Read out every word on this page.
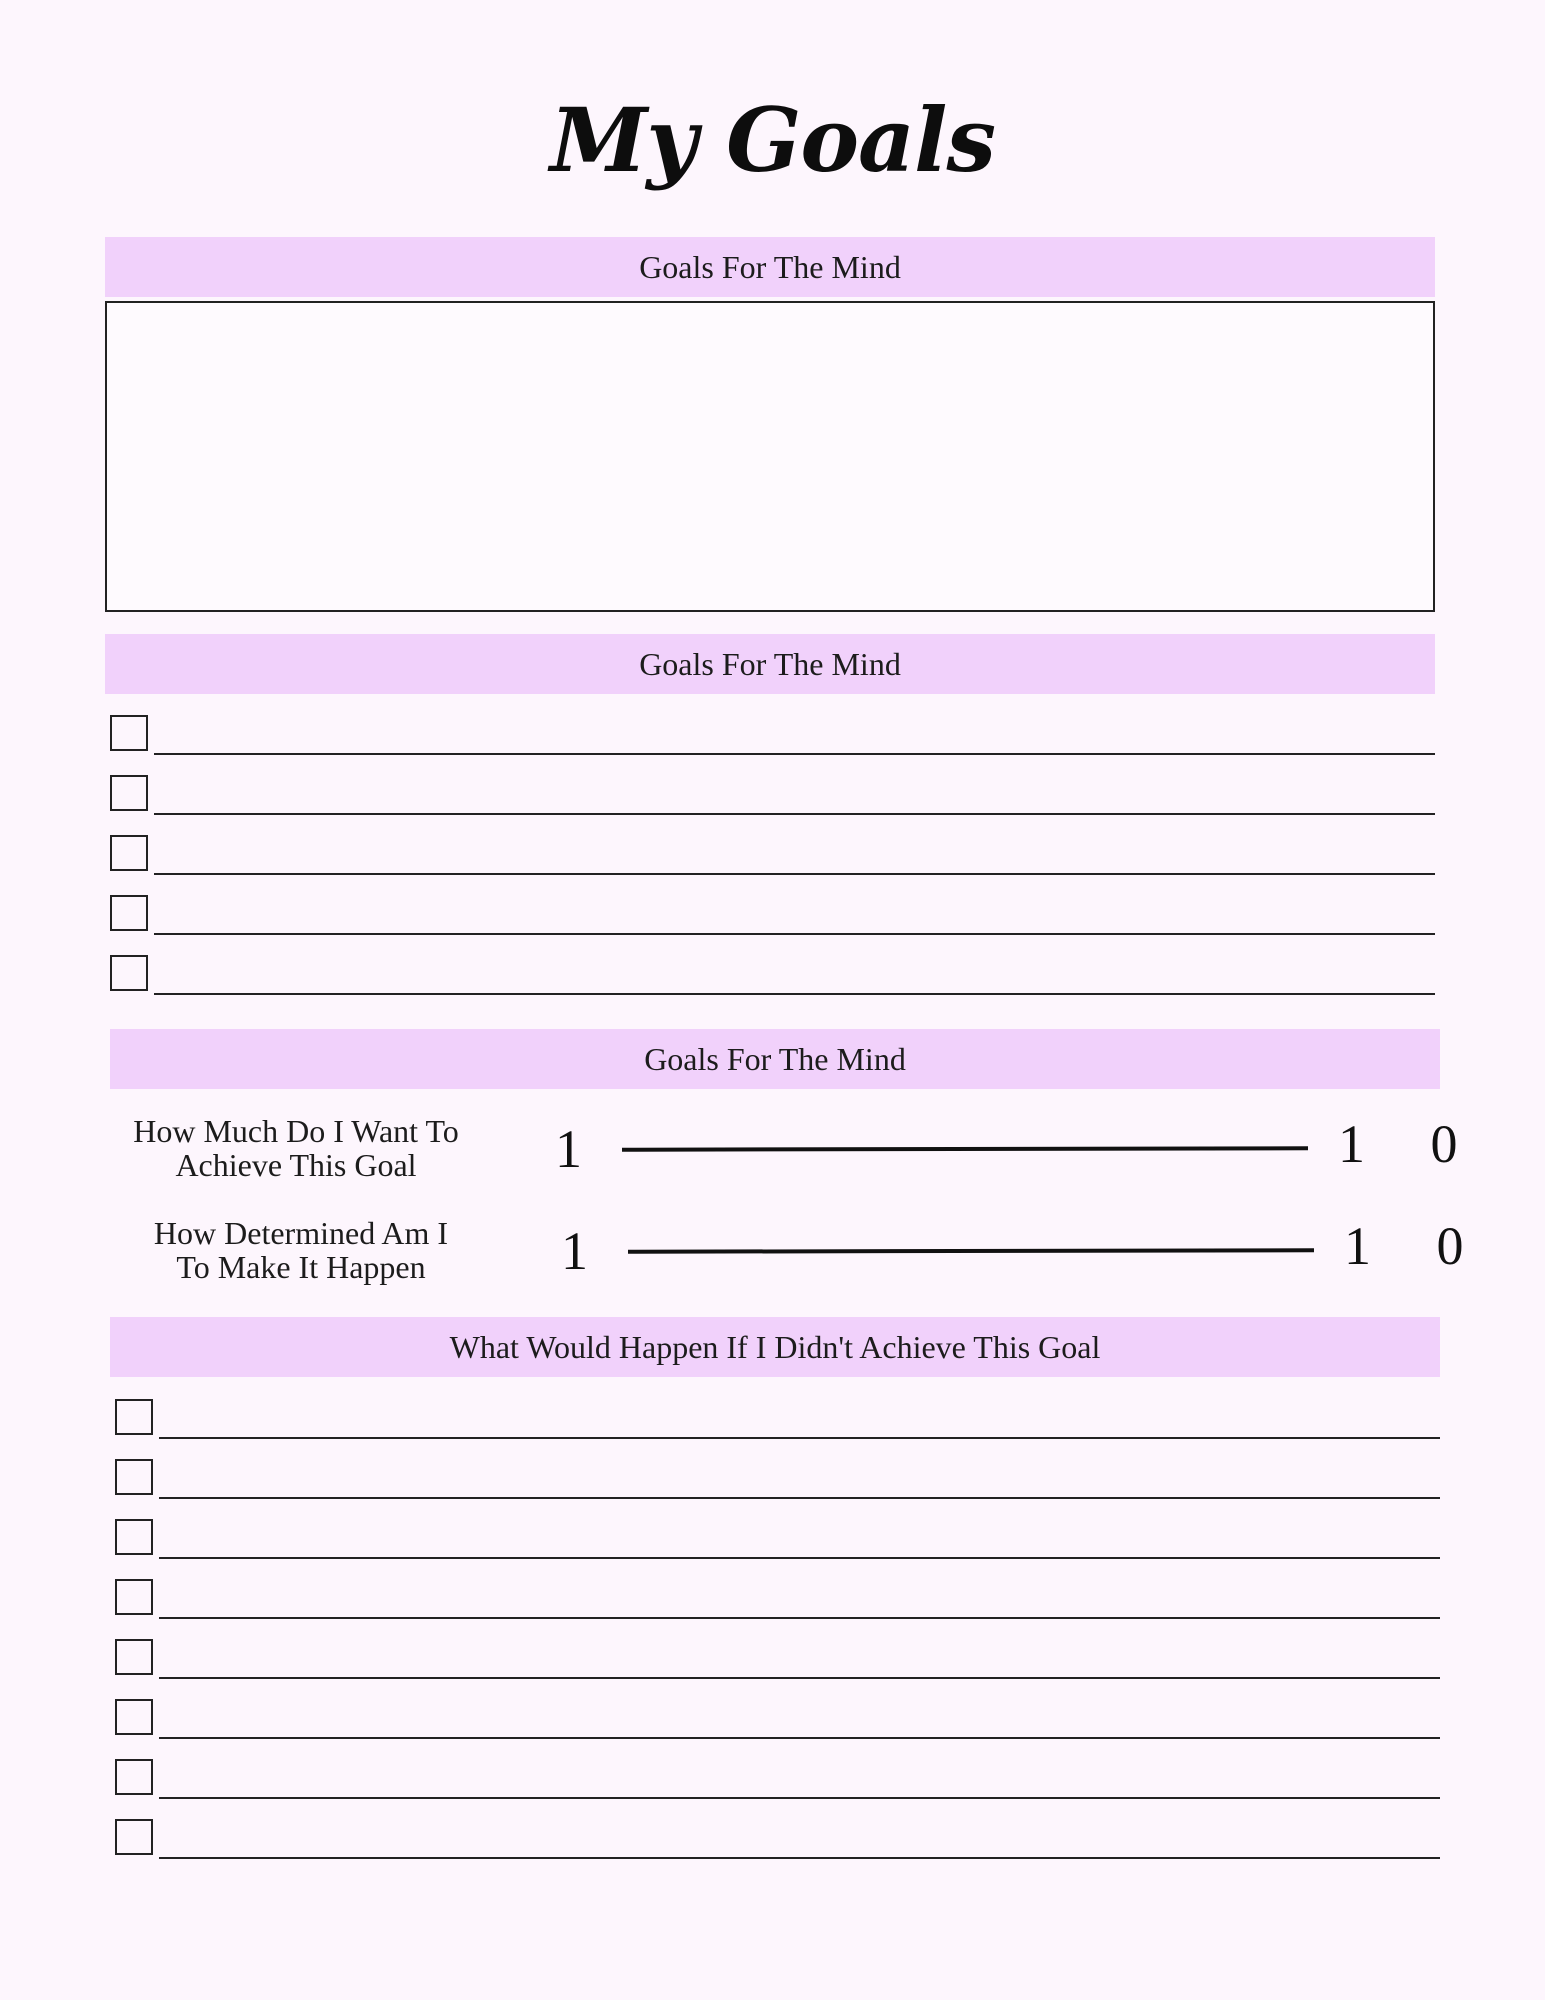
My Goals
Goals For The Mind
Goals For The Mind
Goals For The Mind
How Much Do I Want To
Achieve This Goal	1	1 0
How Determined Am I
To Make It Happen	1	1 0
What Would Happen If I Didn't Achieve This Goal
